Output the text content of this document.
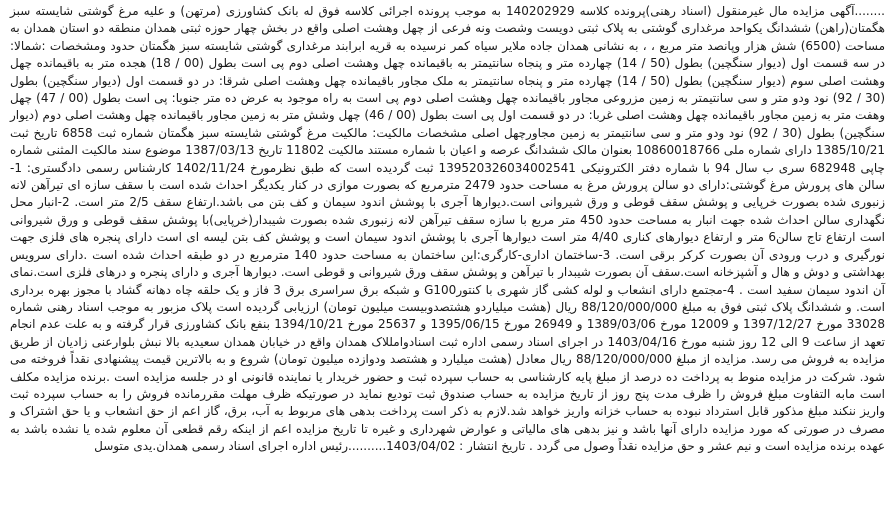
........آگهی مزایده مال غیرمنقول (اسناد رهنی)پرونده کلاسه 140202929 به موجب پرونده اجرائی کلاسه فوق له بانک کشاورزی (مرتهن) و علیه مرغ گوشتی شایسته سبز هگمتان(راهن) ششدانگ یکواحد مرغداری گوشتی به پلاک ثبتی دویست وشصت ونه فرعی از چهل وهشت اصلی واقع در بخش چهار حوزه ثبتی همدان منطقه دو استان همدان به مساحت (6500) شش هزار وپانصد متر مربع ، ، به نشانی همدان جاده ملایر سیاه کمر نرسیده به قریه ابرابند مرغداری گوشتی شایسته سبز هگمتان حدود ومشخصات :شمالا: در سه قسمت اول (دیوار سنگچین) بطول (50 / 14) چهارده متر و پنجاه سانتیمتر به باقیمانده چهل وهشت اصلی دوم پی است بطول (00 / 18) هجده متر به باقیمانده چهل وهشت اصلی سوم (دیوار سنگچین) بطول (50 / 14) چهارده متر و پنجاه سانتیمتر به ملک مجاور باقیمانده چهل وهشت اصلی شرقا: در دو قسمت اول (دیوار سنگچین) بطول (30 / 92) نود ودو متر و سی سانتیمتر به زمین مزروعی مجاور باقیمانده چهل وهشت اصلی دوم پی است به راه موجود به عرض ده متر جنوبا: پی است بطول (00 / 47) چهل وهفت متر به زمین مجاور باقیمانده چهل وهشت اصلی غربا: در دو قسمت اول پی است بطول (00 / 46) چهل وشش متر به زمین مجاور باقیمانده چهل وهشت اصلی دوم (دیوار سنگچین) بطول (30 / 92) نود ودو متر و سی سانتیمتر به زمین مجاورچهل اصلی مشخصات مالکیت: مالکیت مرغ گوشتی شایسته سبز هگمتان شماره ثبت 6858 تاریخ ثبت 1385/10/21 دارای شماره ملی 10860018766 بعنوان مالک ششدانگ عرصه و اعیان با شماره مستند مالکیت 11802 تاریخ 1387/03/13 موضوع سند مالکیت المثنی شماره چاپی 682948 سری ب سال 94 با شماره دفتر الکترونیکی 139520326034002541 ثبت گردیده است که طبق نظرمورخ 1402/11/24 کارشناس رسمی دادگستری: 1- سالن های پرورش مرغ گوشتی:دارای دو سالن پرورش مرغ به مساحت حدود 2479 مترمربع که بصورت موازی در کنار یکدیگر احداث شده است با سقف سازه ای تیرآهن لانه زنبوری شده بصورت خرپایی و پوشش سقف قوطی و ورق شیروانی است.دیوارها آجری با پوشش اندود سیمان و کف بتن می باشد.ارتفاع سقف 2/5 متر است. 2-انبار محل نگهداری سالن احداث شده جهت انبار به مساحت حدود 450 متر مربع با سازه سقف تیرآهن لانه زنبوری شده بصورت شیبدار(خرپایی)با پوشش سقف قوطی و ورق شیروانی است ارتفاع تاج سالن6 متر و ارتفاع دیوارهای کناری 4/40 متر است دیوارها آجری با پوشش اندود سیمان است و پوشش کف بتن لیسه ای است دارای پنجره های فلزی جهت نورگیری و درب ورودی آن بصورت کرکر برقی است. 3-ساختمان اداری-کارگری:این ساختمان به مساحت حدود 140 مترمربع در دو طبقه احداث شده است .دارای سرویس بهداشتی و دوش و هال و آشپزخانه است.سقف آن بصورت شیبدار با تیرآهن و پوشش سقف ورق شیروانی و قوطی است. دیوارها آجری و دارای پنجره و درهای فلزی است.نمای آن اندود سیمان سفید است . 4-مجتمع دارای انشعاب و لوله کشی گاز شهری با کنتورG100 و شبکه برق سراسری برق 3 فاز و یک حلقه چاه دهانه گشاد با مجوز بهره برداری است. و ششدانگ پلاک ثبتی فوق به مبلغ 88/120/000/000 ریال (هشت میلیاردو هشتصدوبیست میلیون تومان) ارزیابی گردیده است پلاک مزبور به موجب اسناد رهنی شماره 33028 مورخ 1397/12/27 و 12009 مورخ 1389/03/06 و 26949 مورخ 1395/06/15 و 25637 مورخ 1394/10/21 بنفع بانک کشاورزی قرار گرفته و به علت عدم انجام تعهد از ساعت 9 الی 12 روز شنبه مورخ 1403/04/16 در اجرای اسناد رسمی اداره ثبت اسنادوامللاک همدان واقع در خیابان همدان سعیدیه بالا نبش بلوارعنی زادیان از طریق مزایده به فروش می رسد. مزایده از مبلغ 88/120/000/000 ریال معادل (هشت میلیارد و هشتصد ودوازده میلیون تومان) شروع و به بالاترین قیمت پیشنهادی نقداً فروخته می شود. شرکت در مزایده منوط به پرداخت ده درصد از مبلغ پایه کارشناسی به حساب سپرده ثبت و حضور خریدار یا نماینده قانونی او در جلسه مزایده است .برنده مزایده مکلف است مابه التفاوت مبلغ فروش را ظرف مدت پنج روز از تاریخ مزایده به حساب صندوق ثبت تودیع نماید در صورتیکه ظرف مهلت مقررمانده فروش را به حساب سپرده ثبت واریز ننکند مبلغ مذکور قابل استرداد نبوده به حساب خزانه واریز خواهد شد.لازم به ذکر است پرداخت بدهی های مربوط به آب، برق، گاز اعم از حق انشعاب و یا حق اشتراک و مصرف در صورتی که مورد مزایده دارای آنها باشد و نیز بدهی های مالیاتی و عوارض شهرداری و غیره تا تاریخ مزایده اعم از اینکه رقم قطعی آن معلوم شده یا نشده باشد به عهده برنده مزایده است و نیم عشر و حق مزایده نقداً وصول می گردد . تاریخ انتشار : 1403/04/02..........رئیس اداره اجرای اسناد رسمی همدان.یدی متوسل
